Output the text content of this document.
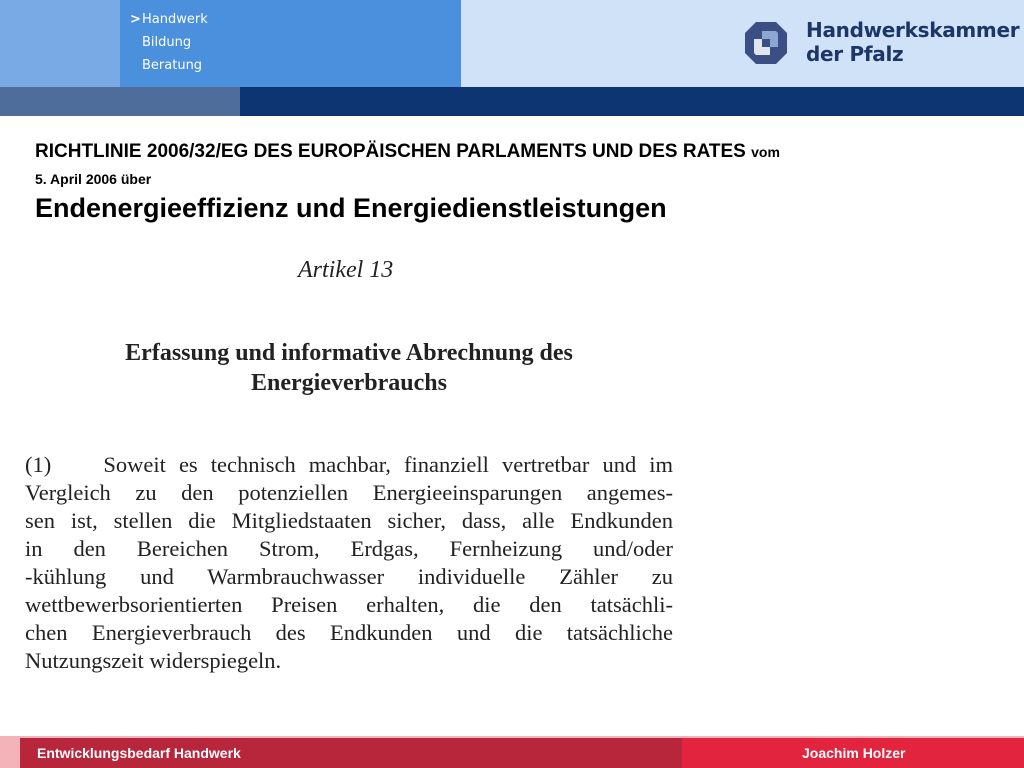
> Handwerk
Bildung
Beratung
Handwerkskammer
der Pfalz
RICHTLINIE 2006/32/EG DES EUROPÄISCHEN PARLAMENTS UND DES RATES vom
5. April 2006 über
Endenergieeffizienz und Energiedienstleistungen
Artikel 13
Erfassung und informative Abrechnung des
Energieverbrauchs
(1)    Soweit es technisch machbar, finanziell vertretbar und im
Vergleich zu den potenziellen Energieeinsparungen angemes-
sen ist, stellen die Mitgliedstaaten sicher, dass, alle Endkunden
in den Bereichen Strom, Erdgas, Fernheizung und/oder
-kühlung und Warmbrauchwasser individuelle Zähler zu
wettbewerbsorientierten Preisen erhalten, die den tatsächli-
chen Energieverbrauch des Endkunden und die tatsächliche
Nutzungszeit widerspiegeln.
Entwicklungsbedarf Handwerk	Joachim Holzer
